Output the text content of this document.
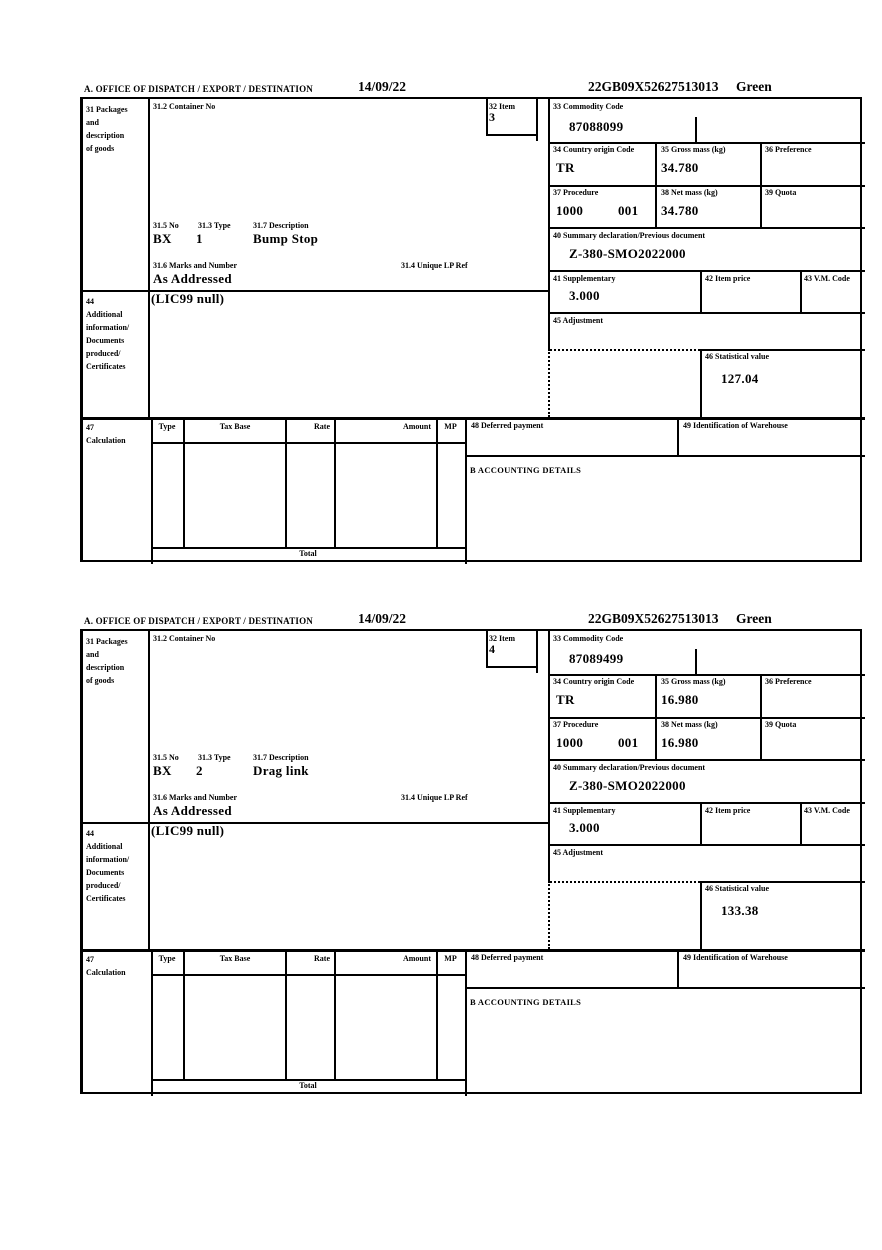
A. OFFICE OF DISPATCH / EXPORT / DESTINATION	14/09/22	22GB09X52627513013 Green
31 Packages
and
description
of goods
44
Additional
information/
Documents
produced/
Certificates
47
Calculation
31.2 Container No
31.5 No 31.3 Type	31.7 Description
BX 1	Bump Stop
31.6 Marks and Number	31.4 Unique LP Ref
As Addressed
(LIC99 null)
32 Item
3
33 Commodity Code
87088099
34 Country origin Code
TR
35 Gross mass (kg)
34.780
36 Preference
37 Procedure
1000	001
38 Net mass (kg)
34.780
39 Quota
40 Summary declaration/Previous document
Z-380-SMO2022000
41 Supplementary
3.000
42 Item price	43 V.M. Code
45 Adjustment
46 Statistical value
127.04
Type	Tax Base	Rate	Amount	MP
Total
48 Deferred payment	49 Identification of Warehouse
B ACCOUNTING DETAILS
A. OFFICE OF DISPATCH / EXPORT / DESTINATION	14/09/22	22GB09X52627513013 Green
31 Packages
and
description
of goods
44
Additional
information/
Documents
produced/
Certificates
47
Calculation
31.2 Container No
31.5 No 31.3 Type	31.7 Description
BX 2	Drag link
31.6 Marks and Number	31.4 Unique LP Ref
As Addressed
(LIC99 null)
32 Item
4
33 Commodity Code
87089499
34 Country origin Code
TR
35 Gross mass (kg)
16.980
36 Preference
37 Procedure
1000	001
38 Net mass (kg)
16.980
39 Quota
40 Summary declaration/Previous document
Z-380-SMO2022000
41 Supplementary
3.000
42 Item price	43 V.M. Code
45 Adjustment
46 Statistical value
133.38
Type	Tax Base	Rate	Amount	MP
Total
48 Deferred payment	49 Identification of Warehouse
B ACCOUNTING DETAILS
